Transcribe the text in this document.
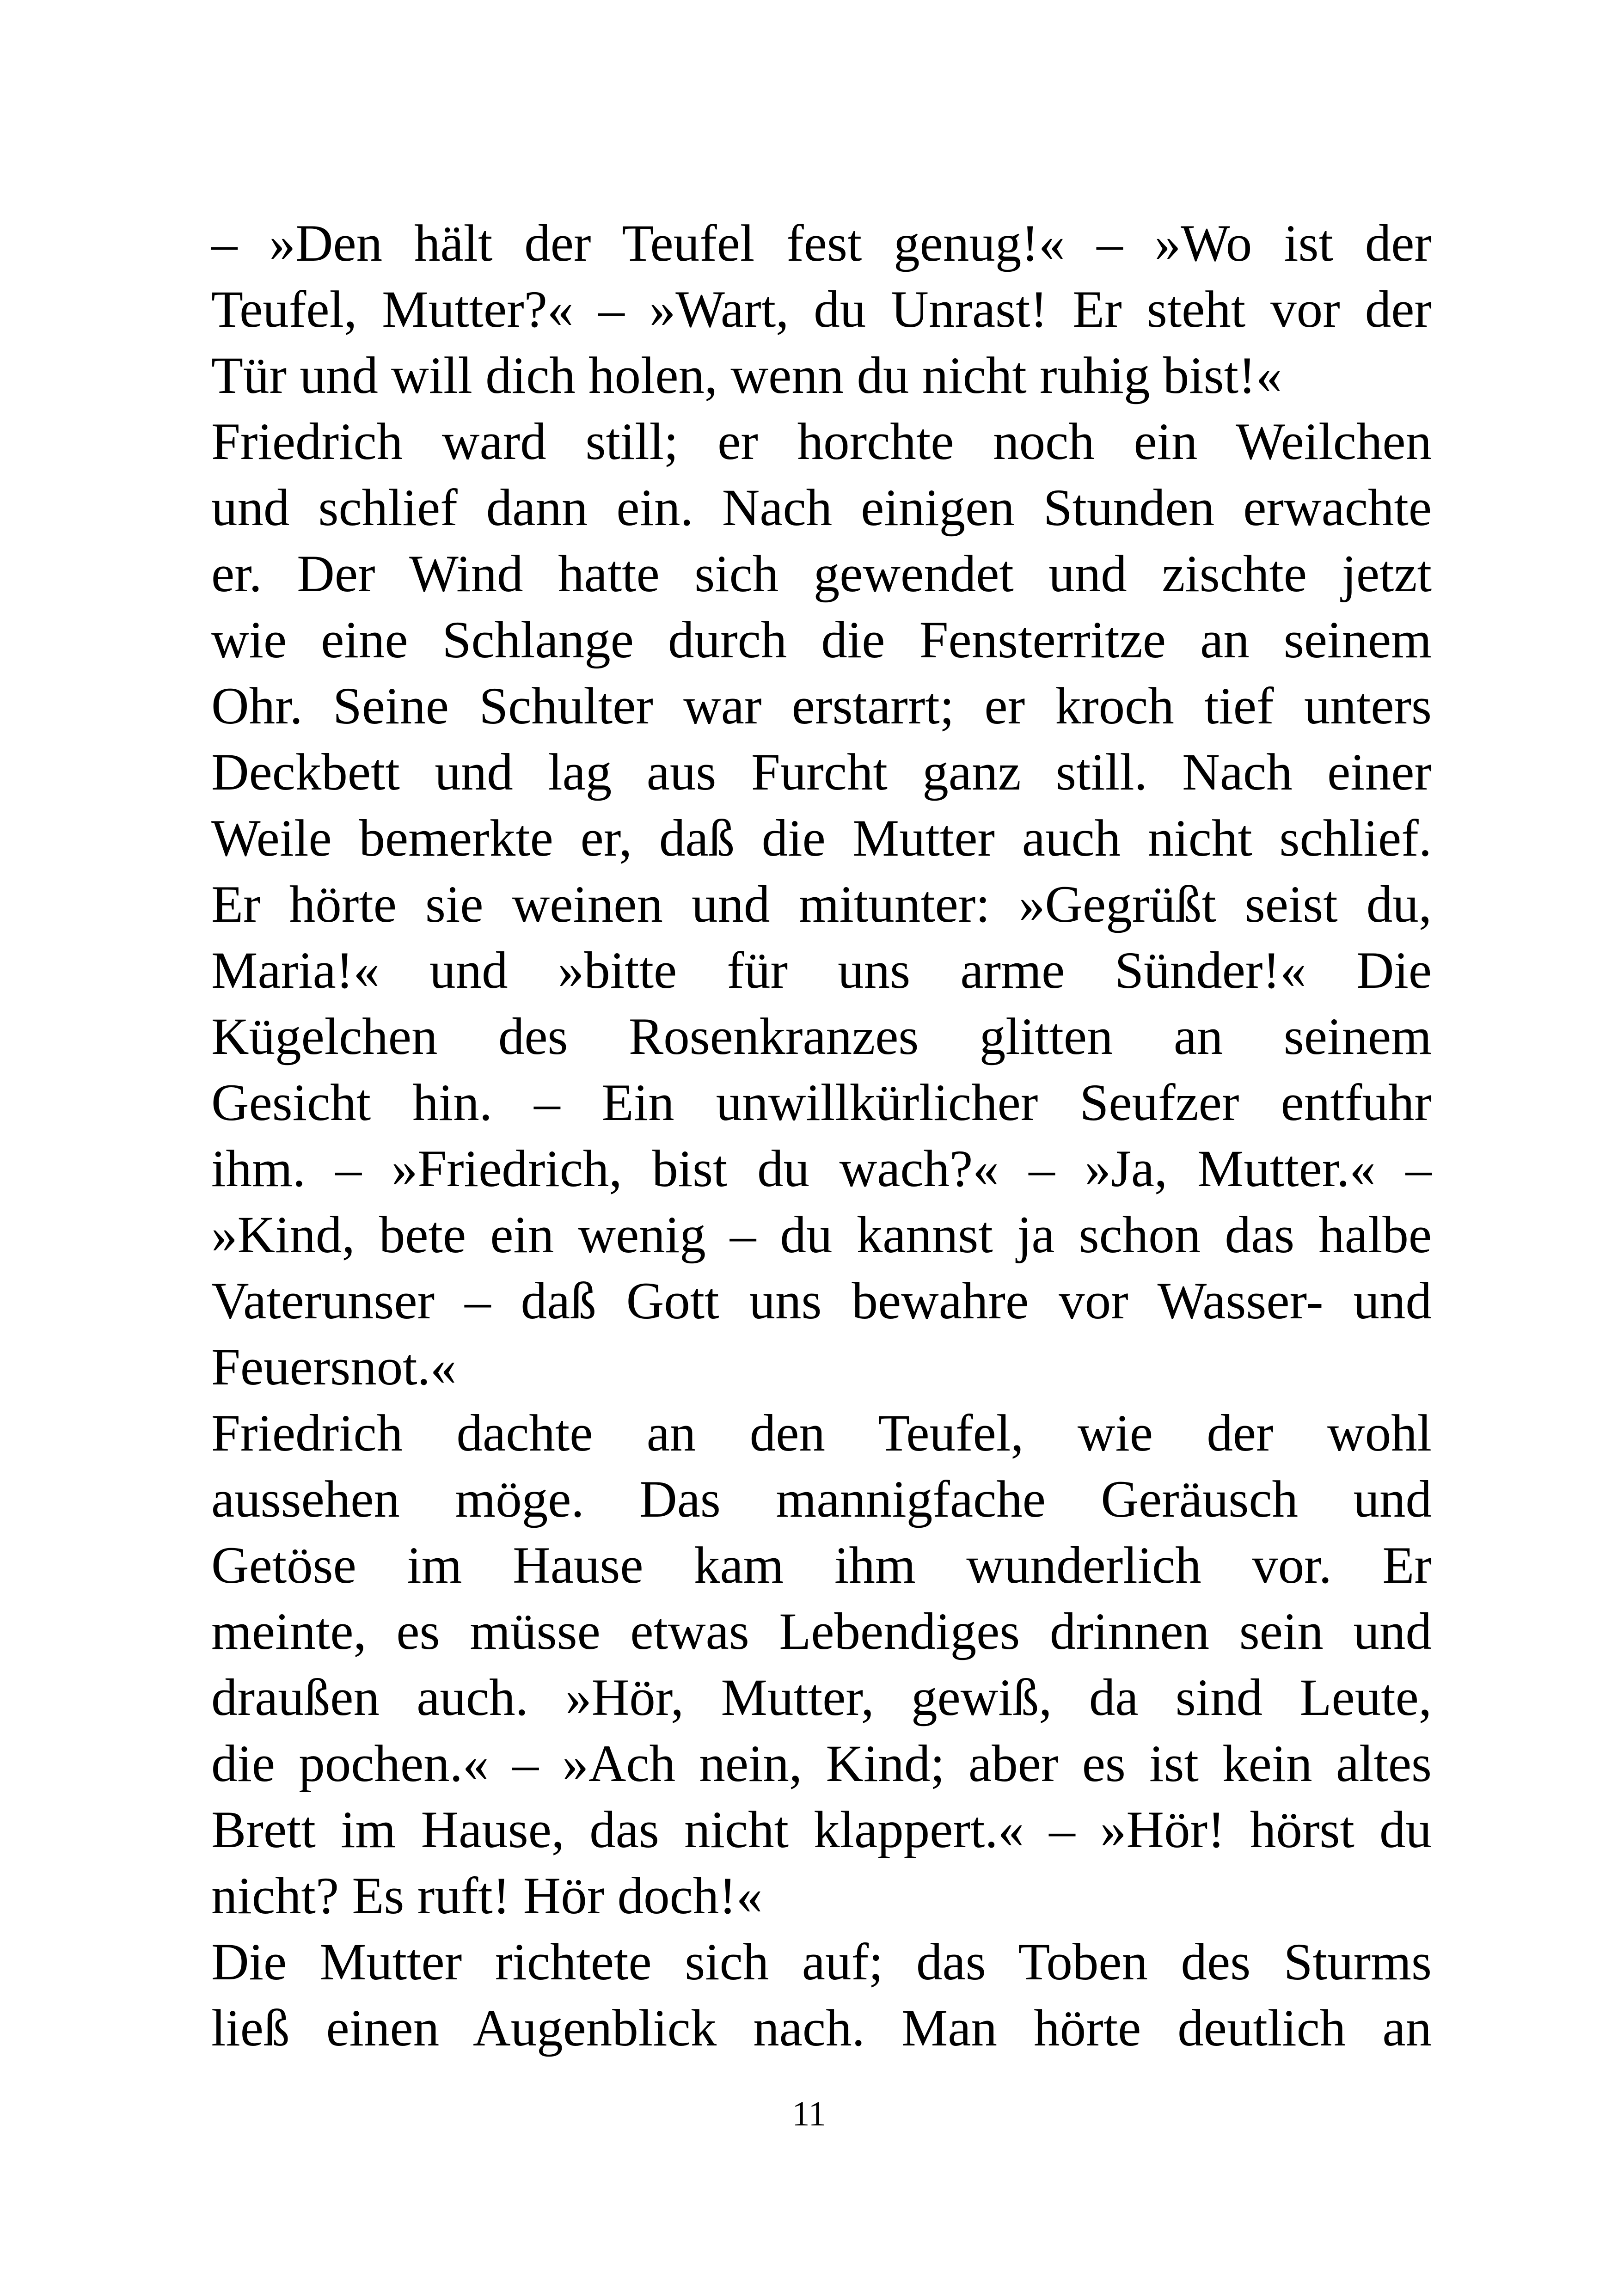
– »Den hält der Teufel fest genug!« – »Wo ist der
Teufel, Mutter?« – »Wart, du Unrast! Er steht vor der
Tür und will dich holen, wenn du nicht ruhig bist!«
Friedrich ward still; er horchte noch ein Weilchen
und schlief dann ein. Nach einigen Stunden erwachte
er. Der Wind hatte sich gewendet und zischte jetzt
wie eine Schlange durch die Fensterritze an seinem
Ohr. Seine Schulter war erstarrt; er kroch tief unters
Deckbett und lag aus Furcht ganz still. Nach einer
Weile bemerkte er, daß die Mutter auch nicht schlief.
Er hörte sie weinen und mitunter: »Gegrüßt seist du,
Maria!« und »bitte für uns arme Sünder!« Die
Kügelchen des Rosenkranzes glitten an seinem
Gesicht hin. – Ein unwillkürlicher Seufzer entfuhr
ihm. – »Friedrich, bist du wach?« – »Ja, Mutter.« –
»Kind, bete ein wenig – du kannst ja schon das halbe
Vaterunser – daß Gott uns bewahre vor Wasser- und
Feuersnot.«
Friedrich dachte an den Teufel, wie der wohl
aussehen möge. Das mannigfache Geräusch und
Getöse im Hause kam ihm wunderlich vor. Er
meinte, es müsse etwas Lebendiges drinnen sein und
draußen auch. »Hör, Mutter, gewiß, da sind Leute,
die pochen.« – »Ach nein, Kind; aber es ist kein altes
Brett im Hause, das nicht klappert.« – »Hör! hörst du
nicht? Es ruft! Hör doch!«
Die Mutter richtete sich auf; das Toben des Sturms
ließ einen Augenblick nach. Man hörte deutlich an
11
